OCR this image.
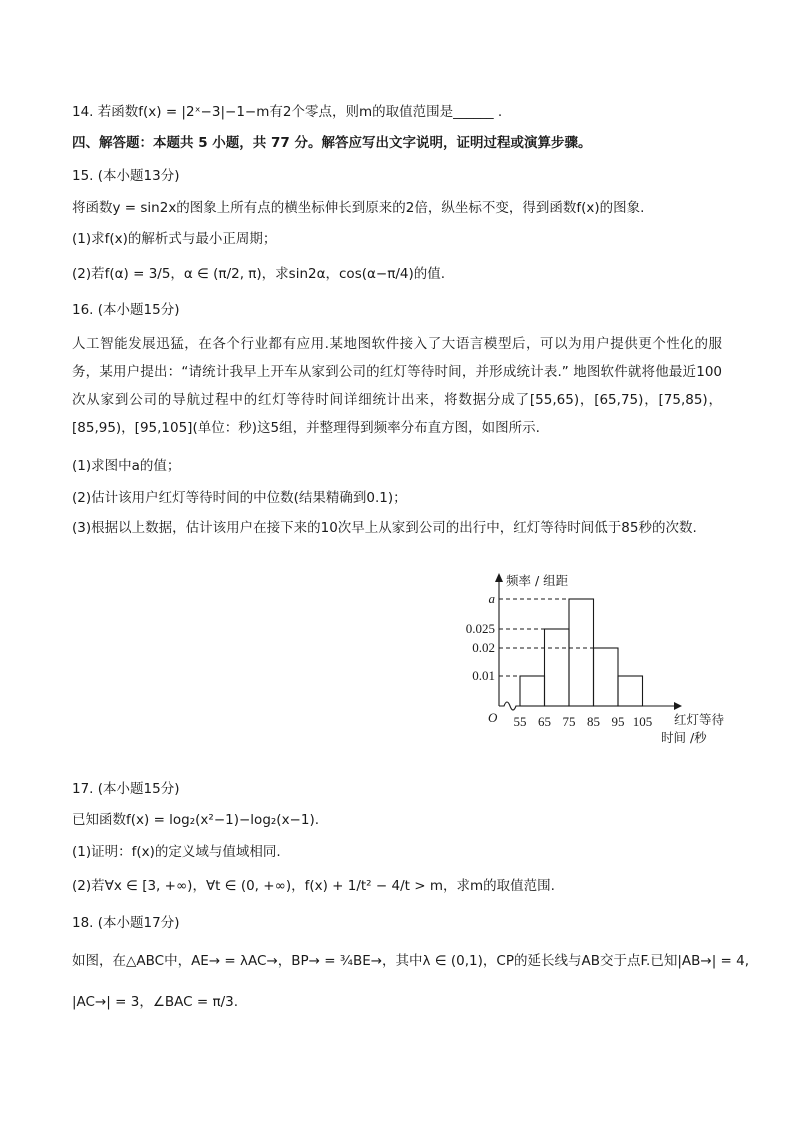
14. 若函数f(x) = |2ˣ−3|−1−m有2个零点，则m的取值范围是______ .
四、解答题：本题共 5 小题，共 77 分。解答应写出文字说明，证明过程或演算步骤。
15. (本小题13分)
将函数y = sin2x的图象上所有点的横坐标伸长到原来的2倍，纵坐标不变，得到函数f(x)的图象.
(1)求f(x)的解析式与最小正周期；
(2)若f(α) = 3/5，α ∈ (π/2, π)，求sin2α，cos(α−π/4)的值.
16. (本小题15分)
人工智能发展迅猛，在各个行业都有应用.某地图软件接入了大语言模型后，可以为用户提供更个性化的服务，某用户提出：“请统计我早上开车从家到公司的红灯等待时间，并形成统计表.” 地图软件就将他最近100次从家到公司的导航过程中的红灯等待时间详细统计出来，将数据分成了[55,65)，[65,75)，[75,85)，[85,95)，[95,105](单位：秒)这5组，并整理得到频率分布直方图，如图所示.
(1)求图中a的值；
(2)估计该用户红灯等待时间的中位数(结果精确到0.1)；
(3)根据以上数据，估计该用户在接下来的10次早上从家到公司的出行中，红灯等待时间低于85秒的次数.
频率 / 组距
O 55 65 75 85 95 105
0.01
0.02
0.025
a
红灯等待
时间 /秒
17. (本小题15分)
已知函数f(x) = log₂(x²−1)−log₂(x−1).
(1)证明：f(x)的定义域与值域相同.
(2)若∀x ∈ [3, +∞)，∀t ∈ (0, +∞)，f(x) + 1/t² − 4/t > m，求m的取值范围.
18. (本小题17分)
如图，在△ABC中，AE→ = λAC→，BP→ = ¾BE→，其中λ ∈ (0,1)，CP的延长线与AB交于点F.已知|AB→| = 4,
|AC→| = 3，∠BAC = π/3.
